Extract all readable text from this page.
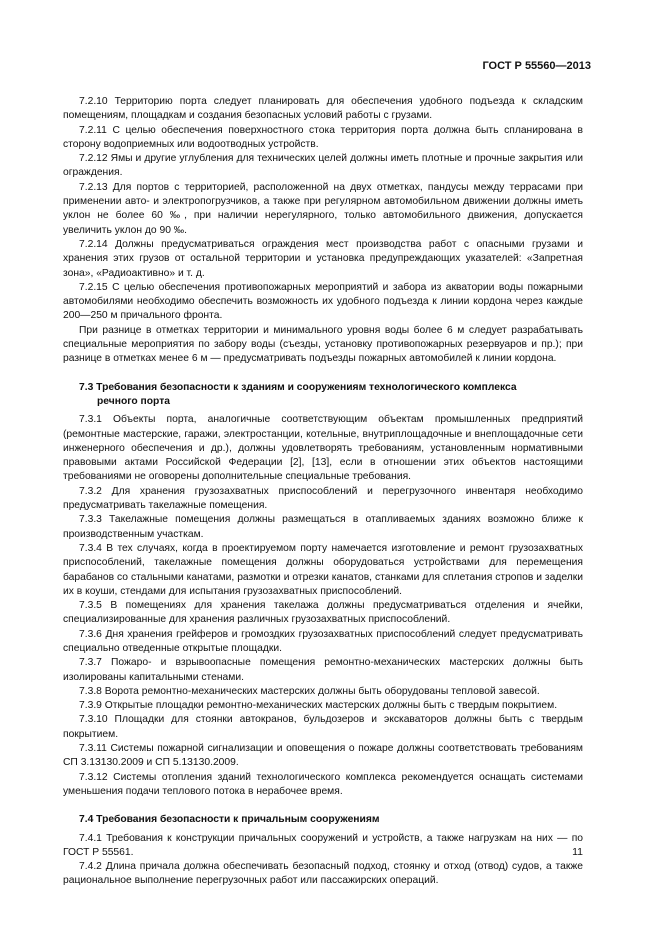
ГОСТ Р 55560—2013

7.2.10 Территорию порта следует планировать для обеспечения удобного подъезда к складским помещениям, площадкам и создания безопасных условий работы с грузами.

7.2.11 С целью обеспечения поверхностного стока территория порта должна быть спланирована в сторону водоприемных или водоотводных устройств.

7.2.12 Ямы и другие углубления для технических целей должны иметь плотные и прочные закрытия или ограждения.

7.2.13 Для портов с территорией, расположенной на двух отметках, пандусы между террасами при применении авто- и электропогрузчиков, а также при регулярном автомобильном движении должны иметь уклон не более 60 ‰, при наличии нерегулярного, только автомобильного движения, допускается увеличить уклон до 90 ‰.

7.2.14 Должны предусматриваться ограждения мест производства работ с опасными грузами и хранения этих грузов от остальной территории и установка предупреждающих указателей: «Запретная зона», «Радиоактивно» и т. д.

7.2.15 С целью обеспечения противопожарных мероприятий и забора из акватории воды пожарными автомобилями необходимо обеспечить возможность их удобного подъезда к линии кордона через каждые 200—250 м причального фронта.

При разнице в отметках территории и минимального уровня воды более 6 м следует разрабатывать специальные мероприятия по забору воды (съезды, установку противопожарных резервуаров и пр.); при разнице в отметках менее 6 м — предусматривать подъезды пожарных автомобилей к линии кордона.

7.3 Требования безопасности к зданиям и сооружениям технологического комплекса
речного порта

7.3.1 Объекты порта, аналогичные соответствующим объектам промышленных предприятий (ремонтные мастерские, гаражи, электростанции, котельные, внутриплощадочные и внеплощадочные сети инженерного обеспечения и др.), должны удовлетворять требованиям, установленным нормативными правовыми актами Российской Федерации [2], [13], если в отношении этих объектов настоящими требованиями не оговорены дополнительные специальные требования.

7.3.2 Для хранения грузозахватных приспособлений и перегрузочного инвентаря необходимо предусматривать такелажные помещения.

7.3.3 Такелажные помещения должны размещаться в отапливаемых зданиях возможно ближе к производственным участкам.

7.3.4 В тех случаях, когда в проектируемом порту намечается изготовление и ремонт грузозахватных приспособлений, такелажные помещения должны оборудоваться устройствами для перемещения барабанов со стальными канатами, размотки и отрезки канатов, станками для сплетания стропов и заделки их в коуши, стендами для испытания грузозахватных приспособлений.

7.3.5 В помещениях для хранения такелажа должны предусматриваться отделения и ячейки, специализированные для хранения различных грузозахватных приспособлений.

7.3.6 Дня хранения грейферов и громоздких грузозахватных приспособлений следует предусматривать специально отведенные открытые площадки.

7.3.7 Пожаро- и взрывоопасные помещения ремонтно-механических мастерских должны быть изолированы капитальными стенами.

7.3.8 Ворота ремонтно-механических мастерских должны быть оборудованы тепловой завесой.

7.3.9 Открытые площадки ремонтно-механических мастерских должны быть с твердым покрытием.

7.3.10 Площадки для стоянки автокранов, бульдозеров и экскаваторов должны быть с твердым покрытием.

7.3.11 Системы пожарной сигнализации и оповещения о пожаре должны соответствовать требованиям СП 3.13130.2009 и СП 5.13130.2009.

7.3.12 Системы отопления зданий технологического комплекса рекомендуется оснащать системами уменьшения подачи теплового потока в нерабочее время.

7.4 Требования безопасности к причальным сооружениям

7.4.1 Требования к конструкции причальных сооружений и устройств, а также нагрузкам на них — по ГОСТ Р 55561.

7.4.2 Длина причала должна обеспечивать безопасный подход, стоянку и отход (отвод) судов, а также рациональное выполнение перегрузочных работ или пассажирских операций.

11
